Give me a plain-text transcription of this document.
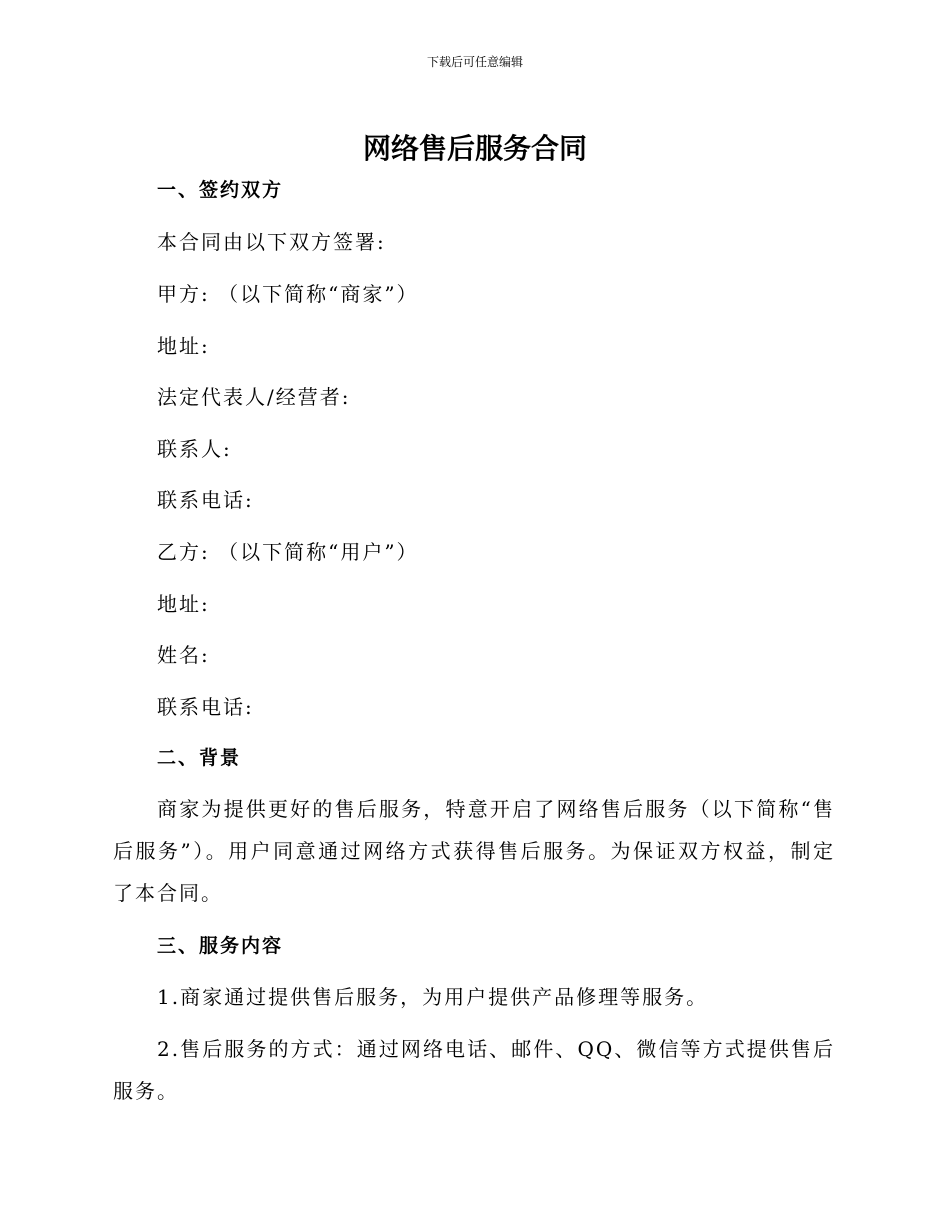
下载后可任意编辑
网络售后服务合同
一、签约双方
本合同由以下双方签署:
甲方: （以下简称“商家”）
地址:
法定代表人/经营者:
联系人:
联系电话:
乙方: （以下简称“用户”）
地址:
姓名:
联系电话:
二、背景
商家为提供更好的售后服务，特意开启了网络售后服务（以下简称“售后服务”）。用户同意通过网络方式获得售后服务。为保证双方权益，制定了本合同。
三、服务内容
1.商家通过提供售后服务，为用户提供产品修理等服务。
2.售后服务的方式：通过网络电话、邮件、QQ、微信等方式提供售后服务。
